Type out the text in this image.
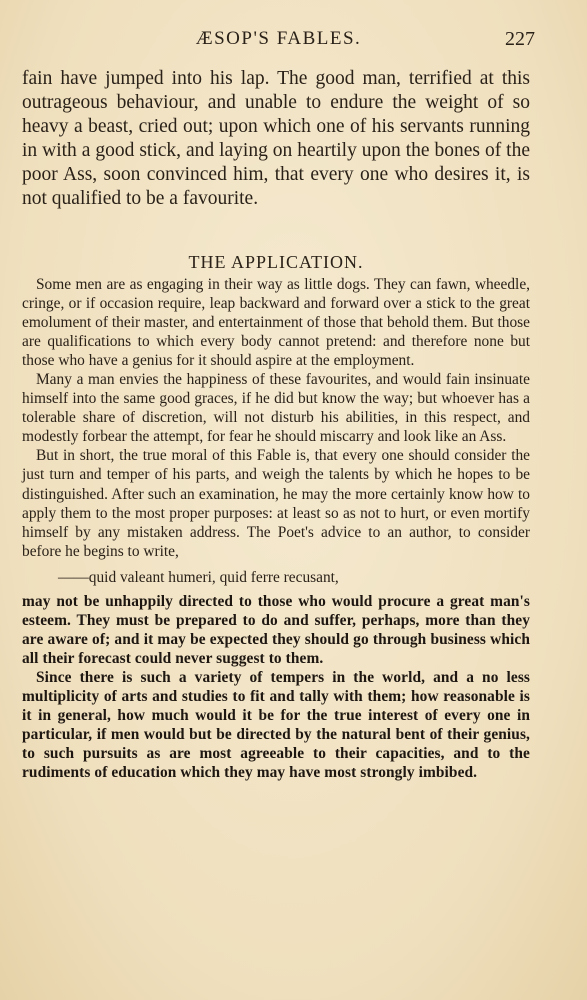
ÆSOP'S FABLES.	227

fain have jumped into his lap. The good man, terrified at this outrageous behaviour, and unable to endure the weight of so heavy a beast, cried out; upon which one of his servants running in with a good stick, and laying on heartily upon the bones of the poor Ass, soon convinced him, that every one who desires it, is not qualified to be a favourite.

THE APPLICATION.

Some men are as engaging in their way as little dogs. They can fawn, wheedle, cringe, or if occasion require, leap backward and forward over a stick to the great emolument of their master, and entertainment of those that behold them. But those are qualifications to which every body cannot pretend: and therefore none but those who have a genius for it should aspire at the employment.

Many a man envies the happiness of these favourites, and would fain insinuate himself into the same good graces, if he did but know the way; but whoever has a tolerable share of discretion, will not disturb his abilities, in this respect, and modestly forbear the attempt, for fear he should miscarry and look like an Ass.

But in short, the true moral of this Fable is, that every one should consider the just turn and temper of his parts, and weigh the talents by which he hopes to be distinguished. After such an examination, he may the more certainly know how to apply them to the most proper purposes: at least so as not to hurt, or even mortify himself by any mistaken address. The Poet's advice to an author, to consider before he begins to write,

——quid valeant humeri, quid ferre recusant,

may not be unhappily directed to those who would procure a great man's esteem. They must be prepared to do and suffer, perhaps, more than they are aware of; and it may be expected they should go through business which all their forecast could never suggest to them.

Since there is such a variety of tempers in the world, and a no less multiplicity of arts and studies to fit and tally with them; how reasonable is it in general, how much would it be for the true interest of every one in particular, if men would but be directed by the natural bent of their genius, to such pursuits as are most agreeable to their capacities, and to the rudiments of education which they may have most strongly imbibed.
